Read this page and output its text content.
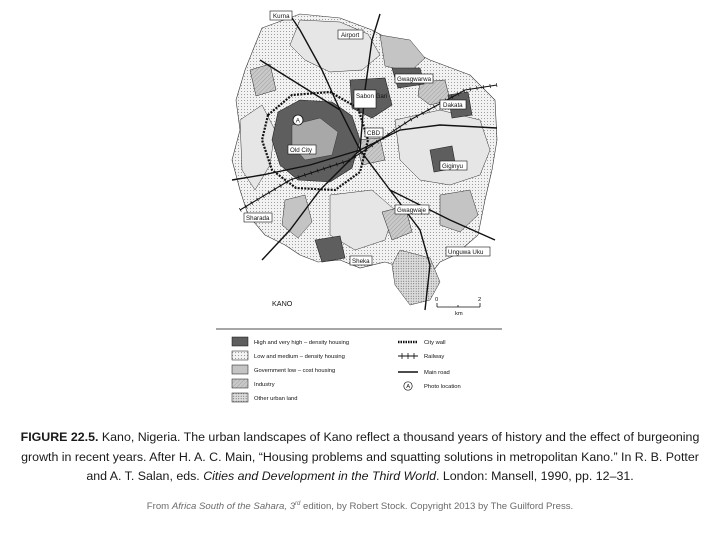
Kurna
Airport
Gwagwarwa
Sabon Gari
Dakata
CBD
Old City
Giginyu
Sharada
Gwagwaje
Unguwa Uku
Sheka
A
KANO	0	2
km
High and very high – density housing
Low and medium – density housing
Government low – cost housing
Industry
Other urban land
City wall
Railway
Main road
A Photo location
FIGURE 22.5. Kano, Nigeria. The urban landscapes of Kano reflect a thousand years of history and the effect of burgeoning growth in recent years. After H. A. C. Main, “Housing problems and squatting solutions in metropolitan Kano.” In R. B. Potter and A. T. Salan, eds. Cities and Development in the Third World. London: Mansell, 1990, pp. 12–31.
From Africa South of the Sahara, 3rd edition, by Robert Stock. Copyright 2013 by The Guilford Press.
